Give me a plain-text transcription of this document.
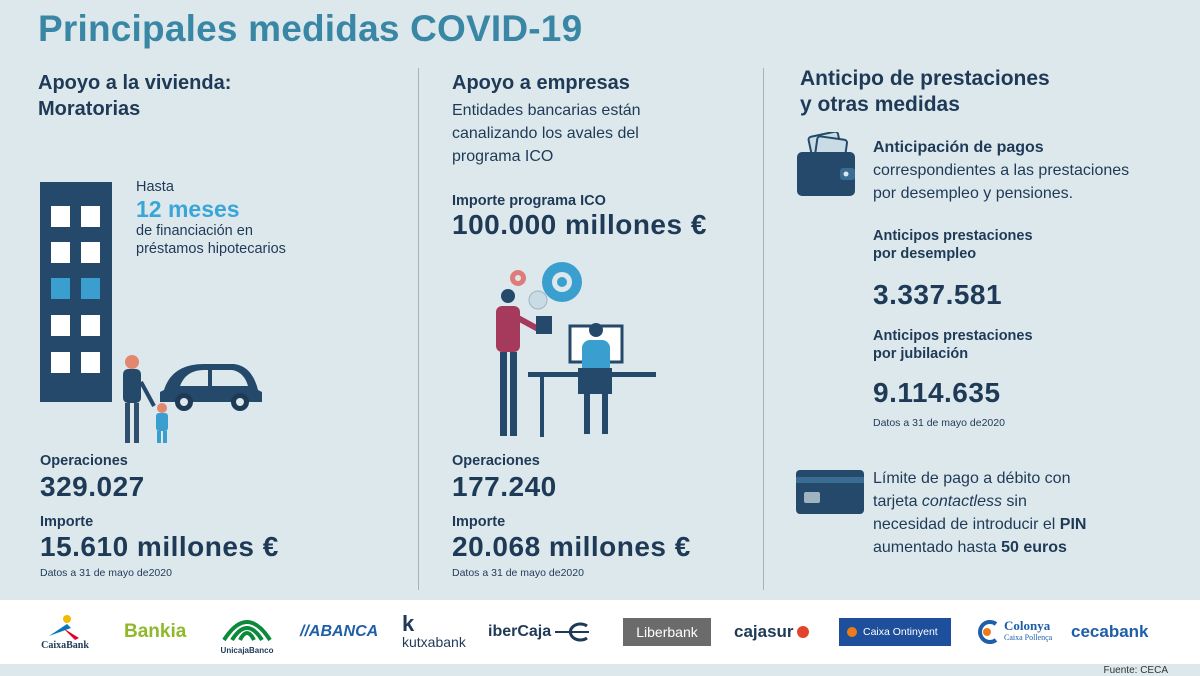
Principales medidas COVID-19
Apoyo a la vivienda:
Moratorias
Hasta
12 meses
de financiación en
préstamos hipotecarios
Operaciones
329.027
Importe
15.610 millones €
Datos a 31 de mayo de2020
Apoyo a empresas
Entidades bancarias están
canalizando los avales del
programa ICO
Importe programa ICO
100.000 millones €
Operaciones
177.240
Importe
20.068 millones €
Datos a 31 de mayo de2020
Anticipo de prestaciones
y otras medidas
Anticipación de pagos
correspondientes a las prestaciones
por desempleo y pensiones.
Anticipos prestaciones
por desempleo
3.337.581
Anticipos prestaciones
por jubilación
9.114.635
Datos a 31 de mayo de2020
Límite de pago a débito con
tarjeta contactless sin
necesidad de introducir el PIN
aumentado hasta 50 euros
CaixaBank
Bankia
UnicajaBanco
//ABANCA k
kutxabank
iberCaja	Liberbank	cajasur	Caixa Ontinyent	Colonya
Caixa Pollença cecabank
Fuente: CECA
